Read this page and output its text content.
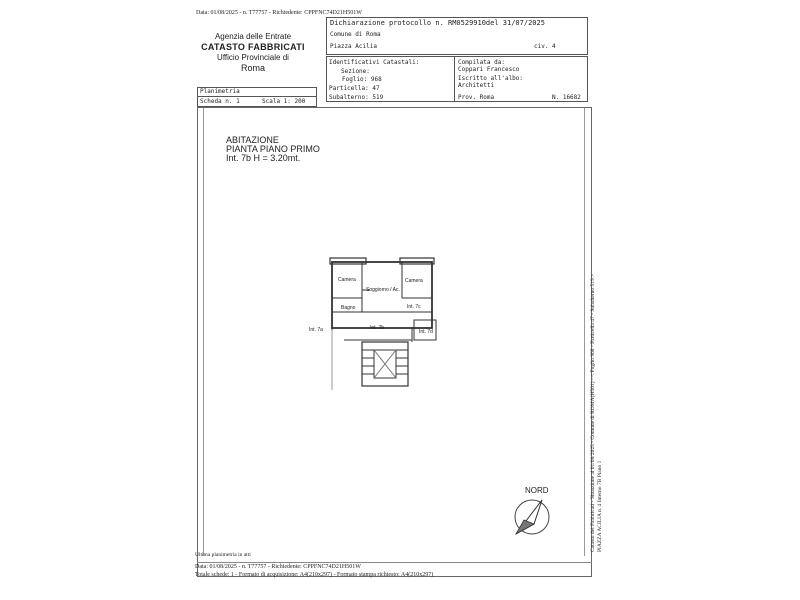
Data: 01/08/2025 - n. T77757 - Richiedente: CPPFNC74D21H501W
Agenzia delle Entrate
CATASTO FABBRICATI
Ufficio Provinciale di
Roma
Dichiarazione protocollo n. RM0529910del 31/07/2025
Comune di Roma
Piazza Acilia	civ. 4
Identificativi Catastali:
Sezione:
Foglio: 968
Particella: 47
Subalterno: 519
Compilata da:
Coppari Francesco
Iscritto all'albo:
Architetti
Prov. Roma	N. 16682
Planimetria
Scheda n. 1	Scala 1: 200
ABITAZIONE
PIANTA PIANO PRIMO
Int. 7b H = 3.20mt.
Camera
Soggiorno / Ac.
Camera
Bagno	Int. 7c
Int. 7a	Int. 7b
Int. 7d
NORD	Catasto dei Fabbricati - Situazione al 01/08/2025 - Comune di ROMA(H501) - < Foglio 968 - Particella 47 - Subalterno 519 > PIAZZA ACILIA n. 4 Interno 7B Piano 1
Ultima planimetria in atti
Data: 01/08/2025 - n. T77757 - Richiedente: CPPFNC74D21H501W
Totale schede: 1 - Formato di acquisizione: A4(210x297) - Formato stampa richiesto: A4(210x297)
